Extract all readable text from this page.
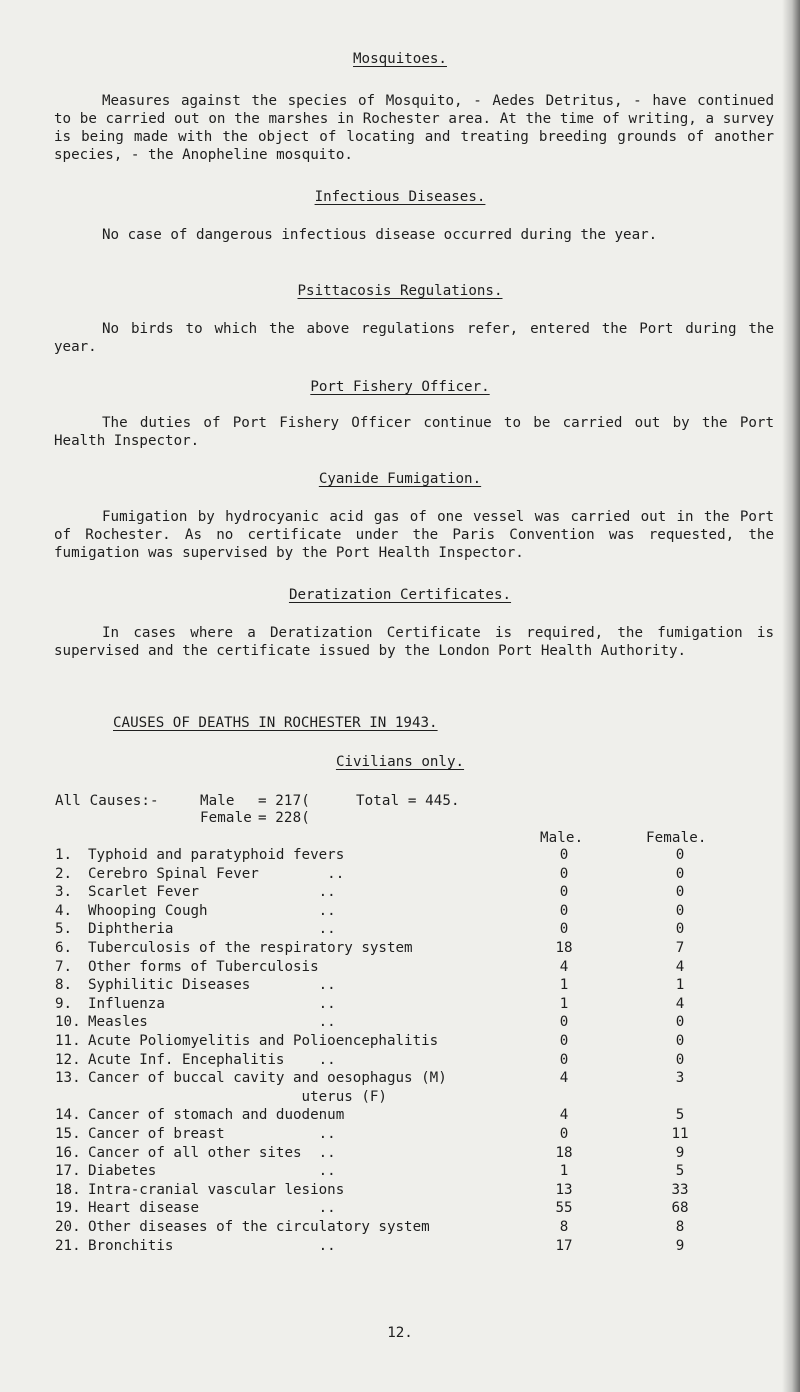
Mosquitoes.
Measures against the species of Mosquito, - Aedes Detritus, - have continued to be carried out on the marshes in Rochester area. At the time of writing, a survey is being made with the object of locating and treating breeding grounds of another species, - the Anopheline mosquito.
Infectious Diseases.
No case of dangerous infectious disease occurred during the year.
Psittacosis Regulations.
No birds to which the above regulations refer, entered the Port during the year.
Port Fishery Officer.
The duties of Port Fishery Officer continue to be carried out by the Port Health Inspector.
Cyanide Fumigation.
Fumigation by hydrocyanic acid gas of one vessel was carried out in the Port of Rochester. As no certificate under the Paris Convention was requested, the fumigation was supervised by the Port Health Inspector.
Deratization Certificates.
In cases where a Deratization Certificate is required, the fumigation is supervised and the certificate issued by the London Port Health Authority.
CAUSES OF DEATHS IN ROCHESTER IN 1943.
Civilians only.
All Causes:-	Male = 217(	Total = 445.
Female = 228(
Male.	Female.
1.	Typhoid and paratyphoid fevers	0	0
2.	Cerebro Spinal Fever        ..	0	0
3.	Scarlet Fever              ..	0	0
4.	Whooping Cough             ..	0	0
5.	Diphtheria                 ..	0	0
6.	Tuberculosis of the respiratory system	18	7
7.	Other forms of Tuberculosis	4	4
8.	Syphilitic Diseases        ..	1	1
9.	Influenza                  ..	1	4
10. Measles                    ..	0	0
11. Acute Poliomyelitis and Polioencephalitis	0	0
12. Acute Inf. Encephalitis    ..	0	0
13. Cancer of buccal cavity and oesophagus (M)	4	3
uterus (F)
14. Cancer of stomach and duodenum	4	5
15. Cancer of breast           ..	0	11
16. Cancer of all other sites  ..	18	9
17. Diabetes                   ..	1	5
18. Intra-cranial vascular lesions	13	33
19. Heart disease              ..	55	68
20. Other diseases of the circulatory system	8	8
21. Bronchitis                 ..	17	9
12.
